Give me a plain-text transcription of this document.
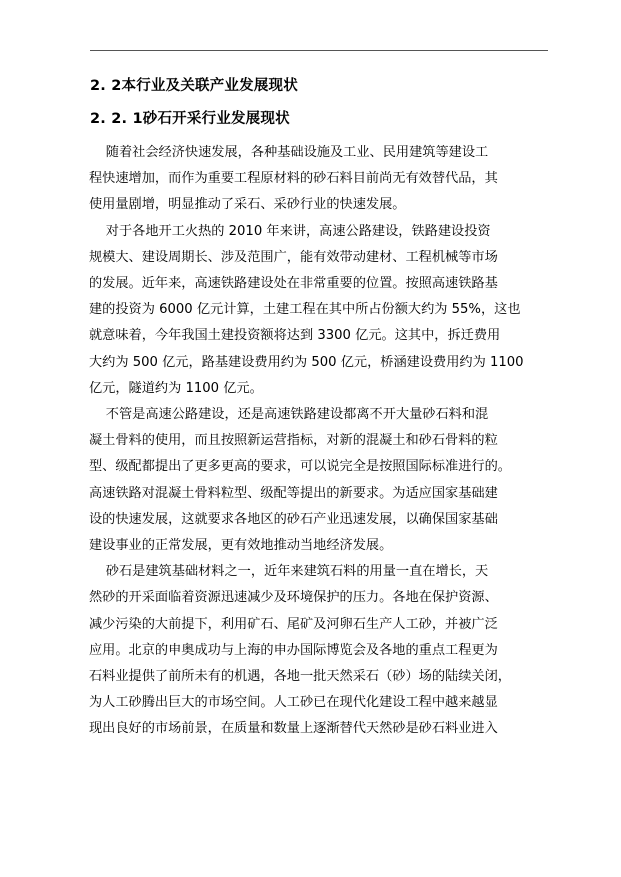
2. 2本行业及关联产业发展现状
2. 2. 1砂石开采行业发展现状

随着社会经济快速发展，各种基础设施及工业、民用建筑等建设工

程快速增加，而作为重要工程原材料的砂石料目前尚无有效替代品，其

使用量剧增，明显推动了采石、采砂行业的快速发展。

对于各地开工火热的 2010 年来讲，高速公路建设，铁路建设投资

规模大、建设周期长、涉及范围广，能有效带动建材、工程机械等市场

的发展。近年来，高速铁路建设处在非常重要的位置。按照高速铁路基

建的投资为 6000 亿元计算，土建工程在其中所占份额大约为 55%，这也

就意味着，今年我国土建投资额将达到 3300 亿元。这其中，拆迁费用

大约为 500 亿元，路基建设费用约为 500 亿元，桥涵建设费用约为 1100

亿元，隧道约为 1100 亿元。

不管是高速公路建设，还是高速铁路建设都离不开大量砂石料和混

凝土骨料的使用，而且按照新运营指标，对新的混凝土和砂石骨料的粒

型、级配都提出了更多更高的要求，可以说完全是按照国际标准进行的。

高速铁路对混凝土骨料粒型、级配等提出的新要求。为适应国家基础建

设的快速发展，这就要求各地区的砂石产业迅速发展，以确保国家基础

建设事业的正常发展，更有效地推动当地经济发展。

砂石是建筑基础材料之一，近年来建筑石料的用量一直在增长，天

然砂的开采面临着资源迅速减少及环境保护的压力。各地在保护资源、

减少污染的大前提下，利用矿石、尾矿及河卵石生产人工砂，并被广泛

应用。北京的申奥成功与上海的申办国际博览会及各地的重点工程更为

石料业提供了前所未有的机遇，各地一批天然采石（砂）场的陆续关闭，

为人工砂腾出巨大的市场空间。人工砂已在现代化建设工程中越来越显

现出良好的市场前景，在质量和数量上逐渐替代天然砂是砂石料业进入
